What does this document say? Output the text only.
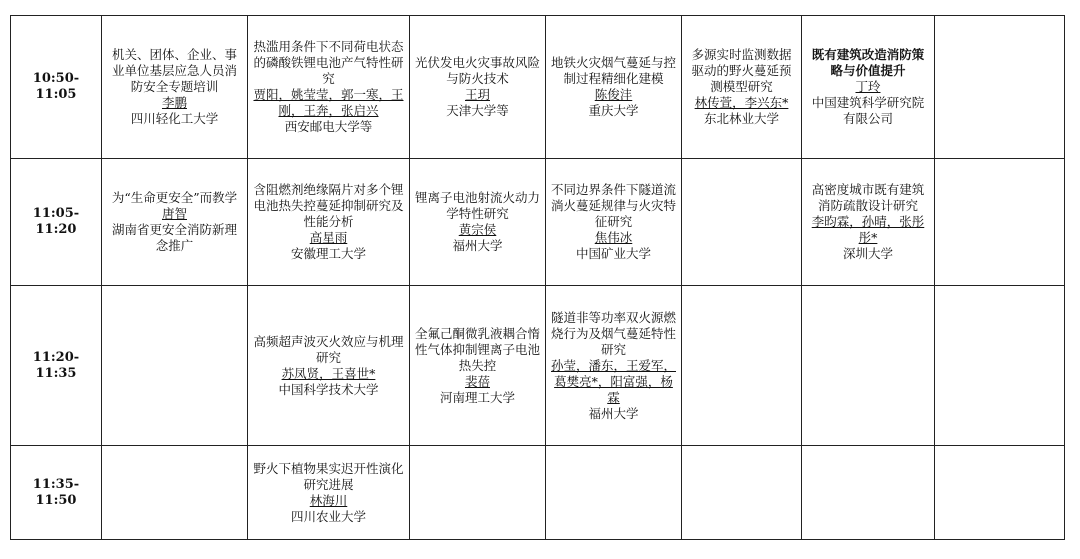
10:50-11:05	机关、团体、企业、事业单位基层应急人员消防安全专题培训
李鹏
四川轻化工大学	热滥用条件下不同荷电状态的磷酸铁锂电池产气特性研究
贾阳，姚莹莹，郭一寒，王刚，王奔，张启兴
西安邮电大学等	光伏发电火灾事故风险与防火技术
王玥
天津大学等	地铁火灾烟气蔓延与控制过程精细化建模
陈俊沣
重庆大学	多源实时监测数据驱动的野火蔓延预测模型研究
林传萱，李兴东*
东北林业大学	既有建筑改造消防策略与价值提升
丁玲
中国建筑科学研究院有限公司	

11:05-11:20	为“生命更安全”而教学
唐智
湖南省更安全消防新理念推广	含阻燃剂绝缘隔片对多个锂电池热失控蔓延抑制研究及性能分析
高星雨
安徽理工大学	锂离子电池射流火动力学特性研究
黄宗侯
福州大学	不同边界条件下隧道流淌火蔓延规律与火灾特征研究
焦伟冰
中国矿业大学		高密度城市既有建筑消防疏散设计研究
李昀霖，孙晴，张彤彤*
深圳大学	

11:20-11:35		高频超声波灭火效应与机理研究
苏凤贤，王喜世*
中国科学技术大学	全氟己酮微乳液耦合惰性气体抑制锂离子电池热失控
裴蓓
河南理工大学	隧道非等功率双火源燃烧行为及烟气蔓延特性研究
孙莹，潘东，王爱军，葛樊亮*，阳富强，杨霖
福州大学			

11:35-11:50		野火下植物果实迟开性演化研究进展
林海川
四川农业大学					
